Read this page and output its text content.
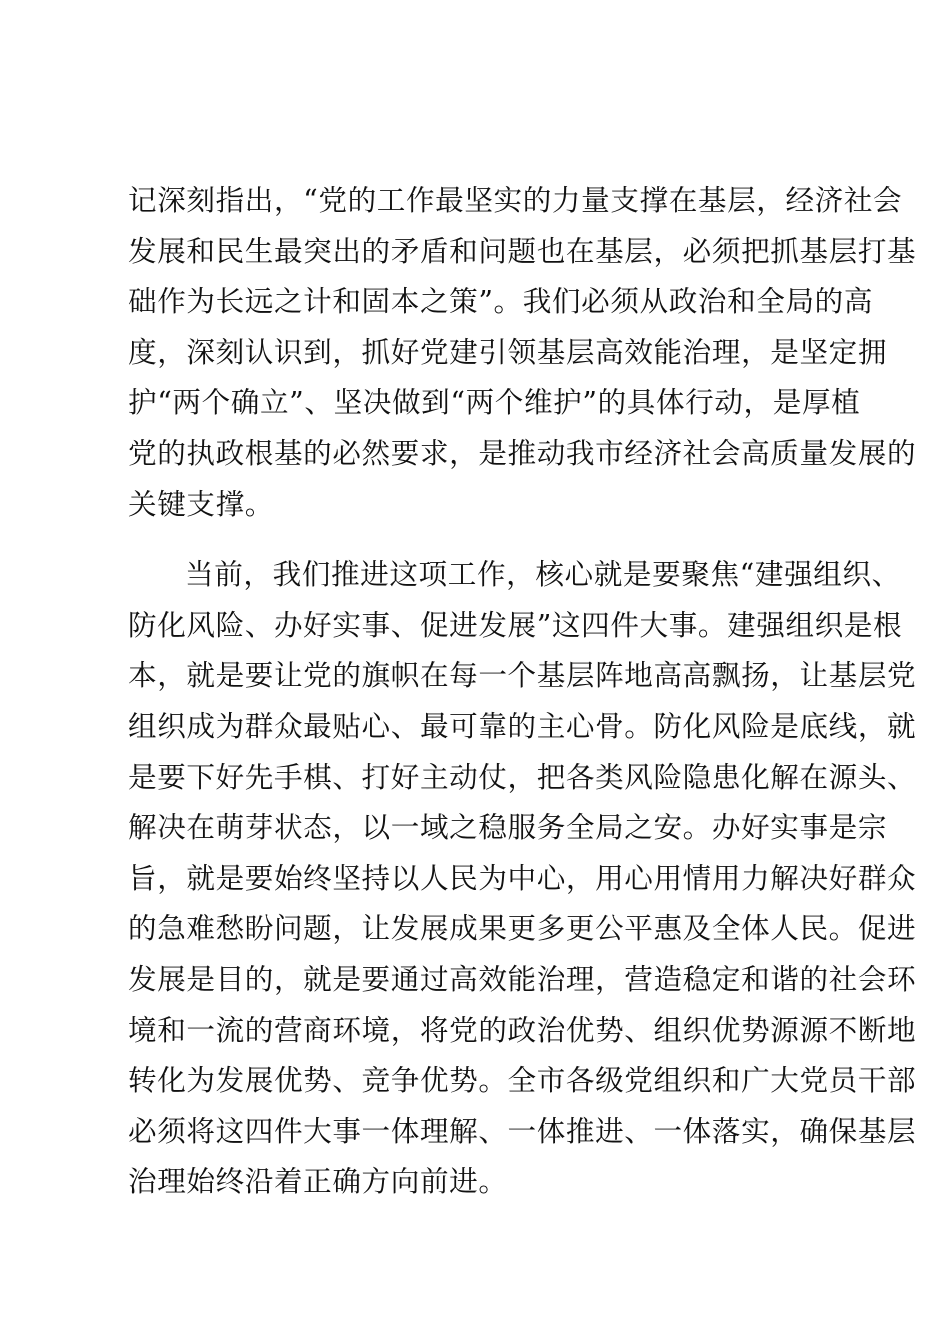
记深刻指出，“党的工作最坚实的力量支撑在基层，经济社会
发展和民生最突出的矛盾和问题也在基层，必须把抓基层打基
础作为长远之计和固本之策”。我们必须从政治和全局的高
度，深刻认识到，抓好党建引领基层高效能治理，是坚定拥
护“两个确立”、坚决做到“两个维护”的具体行动，是厚植
党的执政根基的必然要求，是推动我市经济社会高质量发展的
关键支撑。
当前，我们推进这项工作，核心就是要聚焦“建强组织、
防化风险、办好实事、促进发展”这四件大事。建强组织是根
本，就是要让党的旗帜在每一个基层阵地高高飘扬，让基层党
组织成为群众最贴心、最可靠的主心骨。防化风险是底线，就
是要下好先手棋、打好主动仗，把各类风险隐患化解在源头、
解决在萌芽状态，以一域之稳服务全局之安。办好实事是宗
旨，就是要始终坚持以人民为中心，用心用情用力解决好群众
的急难愁盼问题，让发展成果更多更公平惠及全体人民。促进
发展是目的，就是要通过高效能治理，营造稳定和谐的社会环
境和一流的营商环境，将党的政治优势、组织优势源源不断地
转化为发展优势、竞争优势。全市各级党组织和广大党员干部
必须将这四件大事一体理解、一体推进、一体落实，确保基层
治理始终沿着正确方向前进。
